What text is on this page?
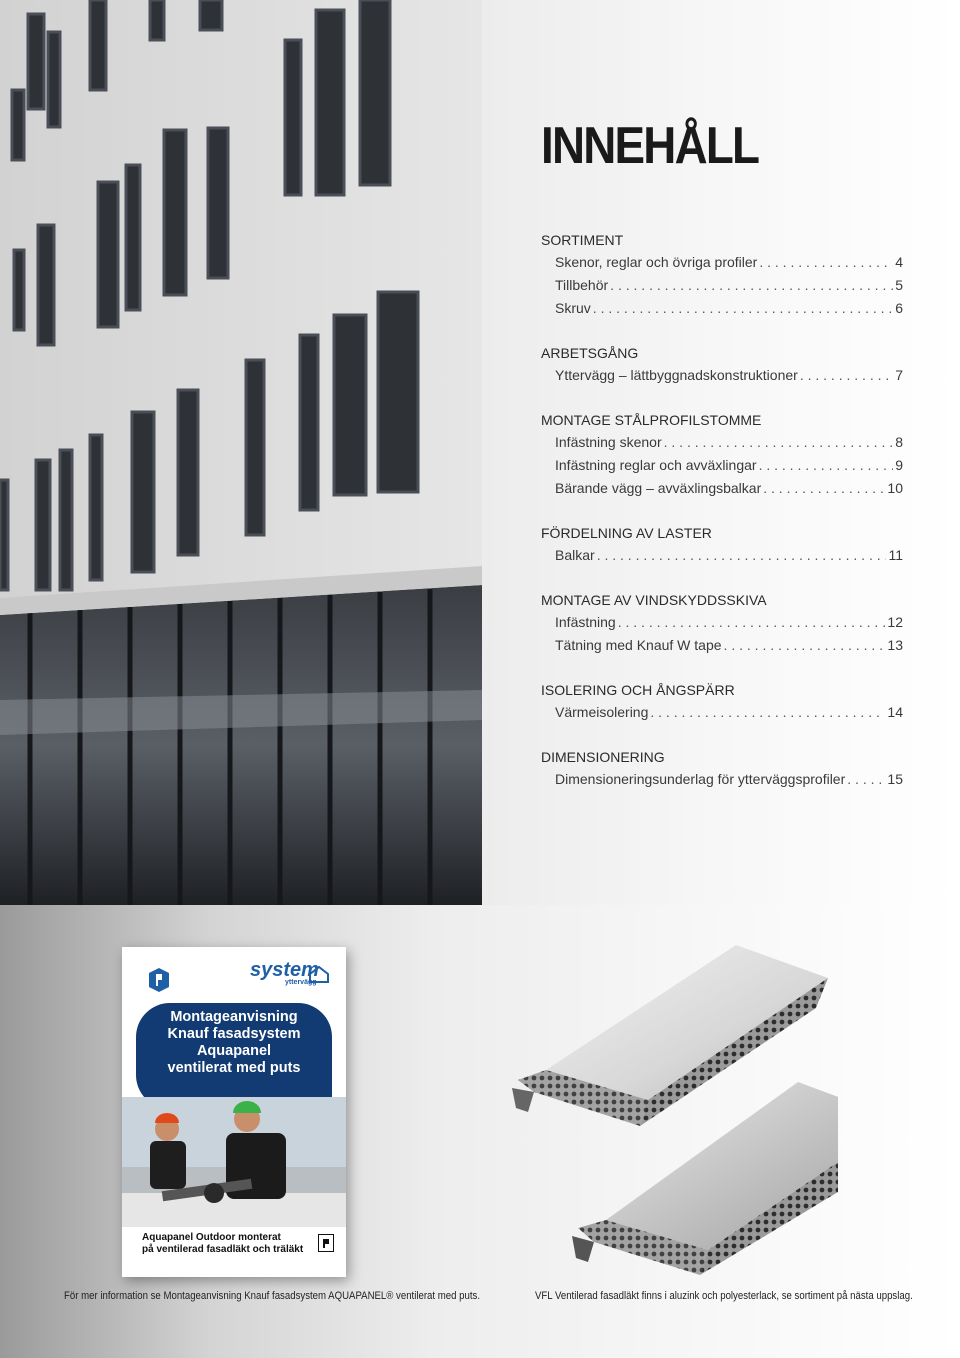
INNEHÅLL
SORTIMENT
Skenor, reglar och övriga profiler . . .	4
Tillbehör . . .	5
Skruv . . .	6
ARBETSGÅNG
Yttervägg – lättbyggnadskonstruktioner . . .	7
MONTAGE STÅLPROFILSTOMME
Infästning skenor . . .	8
Infästning reglar och avväxlingar . . .	9
Bärande vägg – avväxlingsbalkar . . .	10
FÖRDELNING AV LASTER
Balkar . . .	11
MONTAGE AV VINDSKYDDSSKIVA
Infästning . . .	12
Tätning med Knauf W tape . . .	13
ISOLERING OCH ÅNGSPÄRR
Värmeisolering . . .	14
DIMENSIONERING
Dimensioneringsunderlag för ytterväggsprofiler . . .	15
system
yttervägg
Montageanvisning
Knauf fasadsystem
Aquapanel
ventilerat med puts
Aquapanel Outdoor monterat
på ventilerad fasadläkt och träläkt
För mer information se Montageanvisning Knauf fasadsystem AQUAPANEL® ventilerat med puts.	VFL Ventilerad fasadläkt finns i aluzink och polyesterlack, se sortiment på nästa uppslag.
